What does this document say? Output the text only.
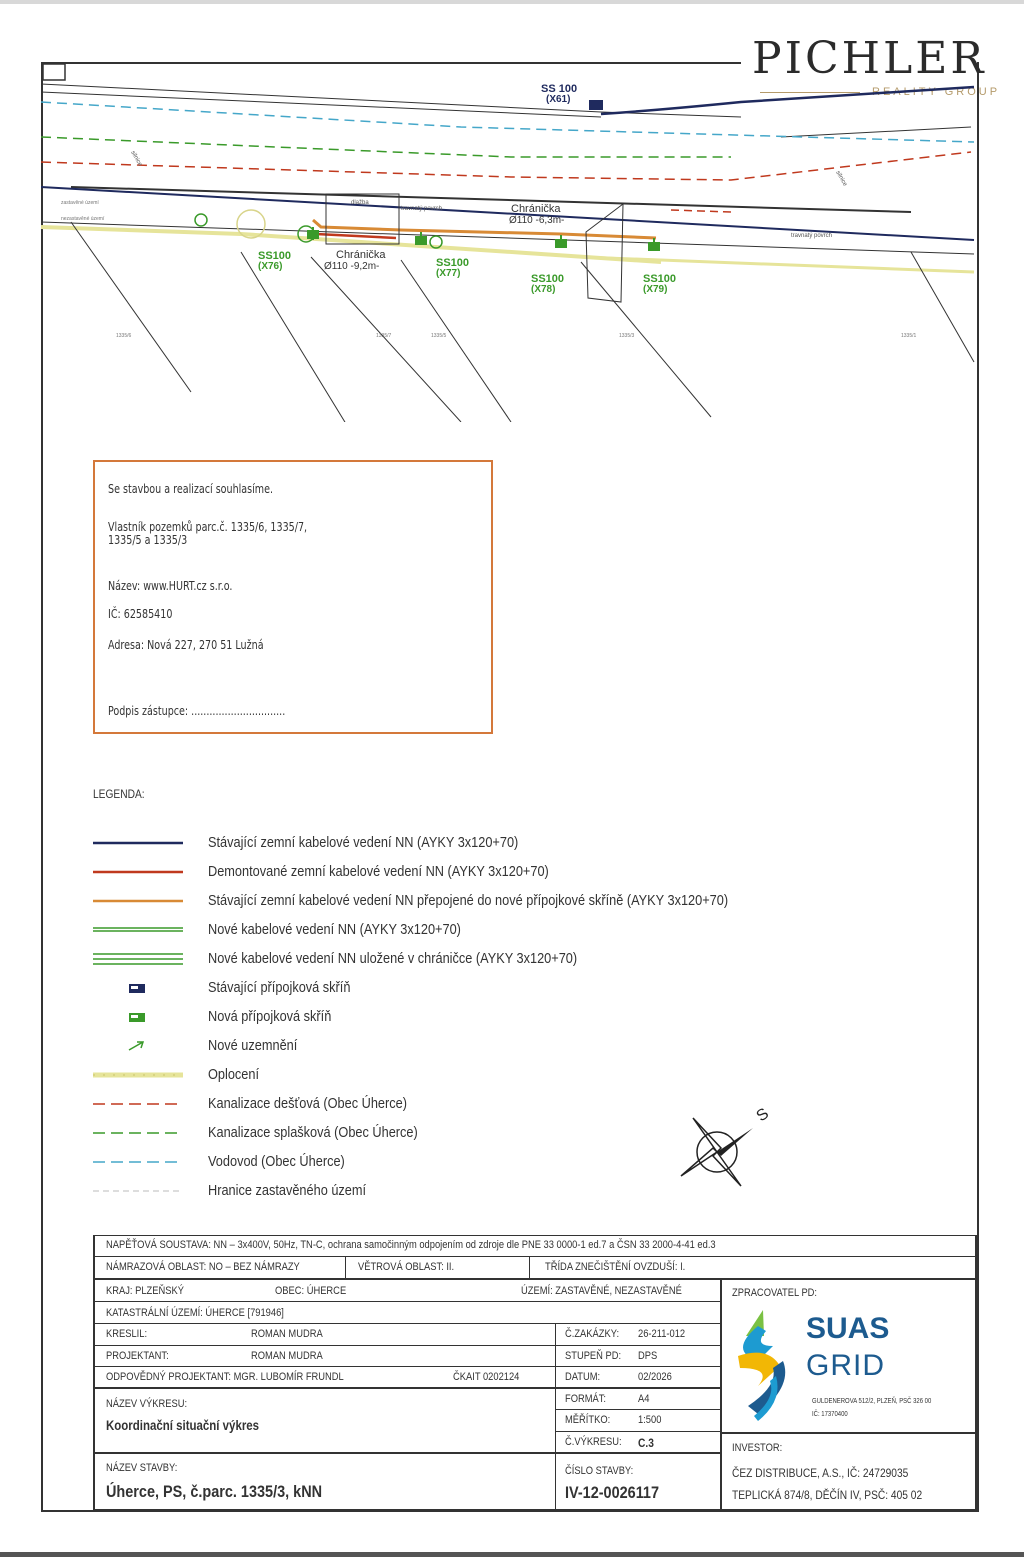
PICHLER
REALITY GROUP
SS 100
(X61)
Chránička
Ø110 -6,3m-
Chránička
Ø110 -9,2m-
SS100
(X76)	SS100
(X77)	SS100
(X78)
SS100
(X79)
travnatý povrch
travnatý povrch
dlažba
zastavěné území
nezastavěné území
silnice
silnice
1335/6	1335/7	1335/5	1335/3	1335/1
Se stavbou a realizací souhlasíme.
Vlastník pozemků parc.č. 1335/6, 1335/7,
1335/5 a 1335/3
Název: www.HURT.cz s.r.o.
IČ: 62585410
Adresa: Nová 227, 270 51 Lužná
Podpis zástupce: ...............................
LEGENDA:
Stávající zemní kabelové vedení NN (AYKY 3x120+70)
Demontované zemní kabelové vedení NN (AYKY 3x120+70)
Stávající zemní kabelové vedení NN přepojené do nové přípojkové skříně (AYKY 3x120+70)
Nové kabelové vedení NN (AYKY 3x120+70)
Nové kabelové vedení NN uložené v chráničce (AYKY 3x120+70)
Stávající přípojková skříň
Nová přípojková skříň
Nové uzemnění
Oplocení
Kanalizace dešťová (Obec Úherce)
Kanalizace splašková (Obec Úherce)
Vodovod (Obec Úherce)
Hranice zastavěného území
S
NAPĚŤOVÁ SOUSTAVA: NN – 3x400V, 50Hz, TN-C, ochrana samočinným odpojením od zdroje dle PNE 33 0000-1 ed.7 a ČSN 33 2000-4-41 ed.3
NÁMRAZOVÁ OBLAST: NO – BEZ NÁMRAZY	VĚTROVÁ OBLAST: II.	TŘÍDA ZNEČIŠTĚNÍ OVZDUŠÍ: I.
KRAJ: PLZEŇSKÝ	OBEC: ÚHERCE	ÚZEMÍ: ZASTAVĚNÉ, NEZASTAVĚNÉ
KATASTRÁLNÍ ÚZEMÍ: ÚHERCE [791946]
KRESLIL:	ROMAN MUDRA
PROJEKTANT:	ROMAN MUDRA
ODPOVĚDNÝ PROJEKTANT: MGR. LUBOMÍR FRUNDL	ČKAIT 0202124
Č.ZAKÁZKY: 26-211-012
STUPEŇ PD: DPS
DATUM:	02/2026
FORMÁT:	A4
MĚŘÍTKO:	1:500
Č.VÝKRESU: C.3
NÁZEV VÝKRESU:
Koordinační situační výkres
NÁZEV STAVBY:
Úherce, PS, č.parc. 1335/3, kNN
ČÍSLO STAVBY:
IV-12-0026117
ZPRACOVATEL PD:
SUAS
GRID
GULDENEROVA 512/2, PLZEŇ, PSČ 326 00
IČ: 17370400
INVESTOR:
ČEZ DISTRIBUCE, A.S., IČ: 24729035
TEPLICKÁ 874/8, DĚČÍN IV, PSČ: 405 02
